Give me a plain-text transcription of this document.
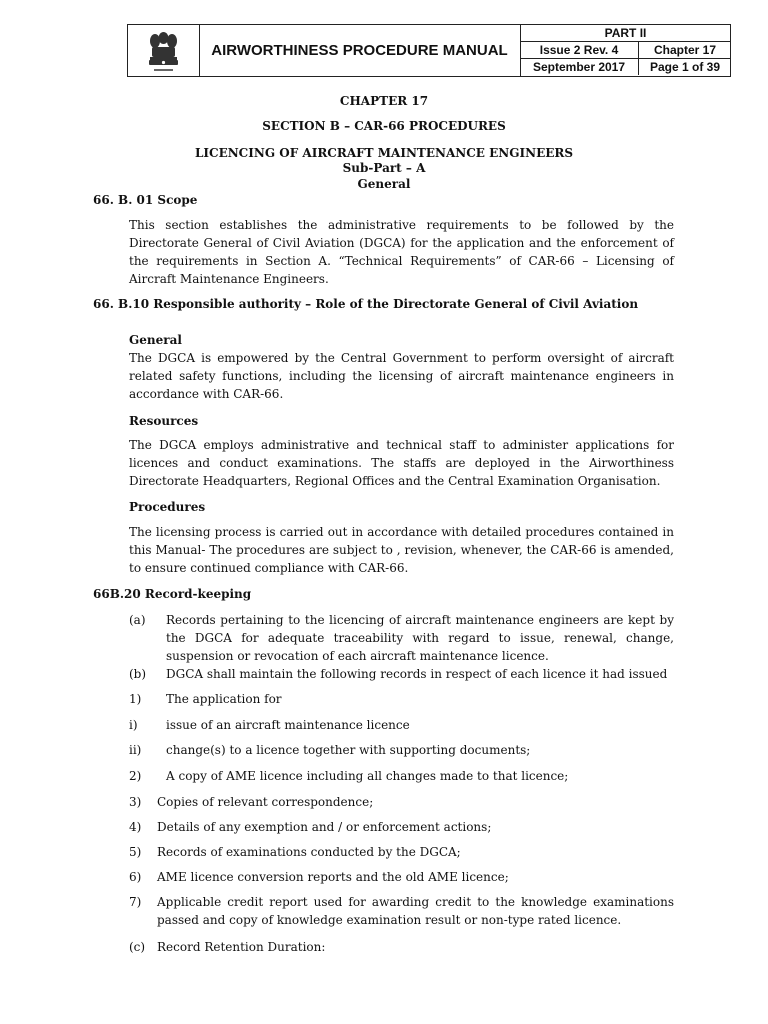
AIRWORTHINESS PROCEDURE MANUAL
PART II
Issue 2 Rev. 4	Chapter 17
September 2017	Page 1 of 39
CHAPTER 17
SECTION B – CAR-66 PROCEDURES
LICENCING OF AIRCRAFT MAINTENANCE ENGINEERS
Sub-Part – A
General
66. B. 01 Scope
This section establishes the administrative requirements to be followed by the Directorate General of Civil Aviation (DGCA) for the application and the enforcement of the requirements in Section A. “Technical Requirements” of CAR-66 – Licensing of Aircraft Maintenance Engineers.
66. B.10 Responsible authority – Role of the Directorate General of Civil Aviation
General
The DGCA is empowered by the Central Government to perform oversight of aircraft related safety functions, including the licensing of aircraft maintenance engineers in accordance with CAR-66.
Resources
The DGCA employs administrative and technical staff to administer applications for licences and conduct examinations. The staffs are deployed in the Airworthiness Directorate Headquarters, Regional Offices and the Central Examination Organisation.
Procedures
The licensing process is carried out in accordance with detailed procedures contained in this Manual- The procedures are subject to , revision, whenever, the CAR-66 is amended, to ensure continued compliance with CAR-66.
66B.20 Record-keeping
(a) Records pertaining to the licencing of aircraft maintenance engineers are kept by the DGCA for adequate traceability with regard to issue, renewal, change, suspension or revocation of each aircraft maintenance licence.
(b) DGCA shall maintain the following records in respect of each licence it had issued
1) The application for
i) issue of an aircraft maintenance licence
ii) change(s) to a licence together with supporting documents;
2) A copy of AME licence including all changes made to that licence;
3) Copies of relevant correspondence;
4) Details of any exemption and / or enforcement actions;
5) Records of examinations conducted by the DGCA;
6) AME licence conversion reports and the old AME licence;
7) Applicable credit report used for awarding credit to the knowledge examinations passed and copy of knowledge examination result or non-type rated licence.
(c) Record Retention Duration:
